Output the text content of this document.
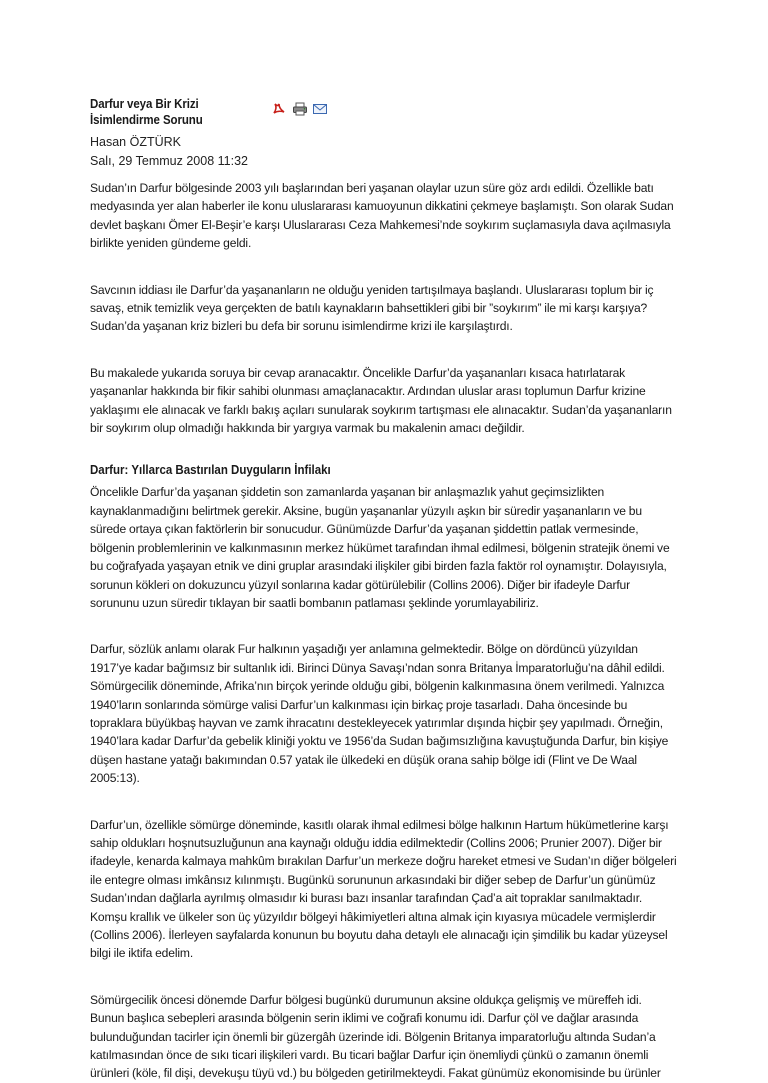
Darfur veya Bir Krizi
İsimlendirme Sorunu
Hasan ÖZTÜRK
Salı, 29 Temmuz 2008 11:32

Sudan’ın Darfur bölgesinde 2003 yılı başlarından beri yaşanan olaylar uzun süre göz ardı edildi. Özellikle batı medyasında yer alan haberler ile konu uluslararası kamuoyunun dikkatini çekmeye başlamıştı. Son olarak Sudan devlet başkanı Ömer El-Beşir’e karşı Uluslararası Ceza Mahkemesi’nde soykırım suçlamasıyla dava açılmasıyla birlikte yeniden gündeme geldi.

Savcının iddiası ile Darfur’da yaşananların ne olduğu yeniden tartışılmaya başlandı. Uluslararası toplum bir iç savaş, etnik temizlik veya gerçekten de batılı kaynakların bahsettikleri gibi bir ”soykırım” ile mi karşı karşıya? Sudan’da yaşanan kriz bizleri bu defa bir sorunu isimlendirme krizi ile karşılaştırdı.

Bu makalede yukarıda soruya bir cevap aranacaktır. Öncelikle Darfur’da yaşananları kısaca hatırlatarak yaşananlar hakkında bir fikir sahibi olunması amaçlanacaktır. Ardından uluslar arası toplumun Darfur krizine yaklaşımı ele alınacak ve farklı bakış açıları sunularak soykırım tartışması ele alınacaktır. Sudan’da yaşananların bir soykırım olup olmadığı hakkında bir yargıya varmak bu makalenin amacı değildir.

Darfur: Yıllarca Bastırılan Duyguların İnfilakı

Öncelikle Darfur’da yaşanan şiddetin son zamanlarda yaşanan bir anlaşmazlık yahut geçimsizlikten kaynaklanmadığını belirtmek gerekir. Aksine, bugün yaşananlar yüzyılı aşkın bir süredir yaşananların ve bu sürede ortaya çıkan faktörlerin bir sonucudur. Günümüzde Darfur’da yaşanan şiddettin patlak vermesinde, bölgenin problemlerinin ve kalkınmasının merkez hükümet tarafından ihmal edilmesi, bölgenin stratejik önemi ve bu coğrafyada yaşayan etnik ve dini gruplar arasındaki ilişkiler gibi birden fazla faktör rol oynamıştır. Dolayısıyla, sorunun kökleri on dokuzuncu yüzyıl sonlarına kadar götürülebilir (Collins 2006). Diğer bir ifadeyle Darfur sorununu uzun süredir tıklayan bir saatli bombanın patlaması şeklinde yorumlayabiliriz.

Darfur, sözlük anlamı olarak Fur halkının yaşadığı yer anlamına gelmektedir. Bölge on dördüncü yüzyıldan 1917’ye kadar bağımsız bir sultanlık idi. Birinci Dünya Savaşı’ndan sonra Britanya İmparatorluğu’na dâhil edildi. Sömürgecilik döneminde, Afrika’nın birçok yerinde olduğu gibi, bölgenin kalkınmasına önem verilmedi. Yalnızca 1940’ların sonlarında sömürge valisi Darfur’un kalkınması için birkaç proje tasarladı. Daha öncesinde bu topraklara büyükbaş hayvan ve zamk ihracatını destekleyecek yatırımlar dışında hiçbir şey yapılmadı. Örneğin, 1940’lara kadar Darfur’da gebelik kliniği yoktu ve 1956’da Sudan bağımsızlığına kavuştuğunda Darfur, bin kişiye düşen hastane yatağı bakımından 0.57 yatak ile ülkedeki en düşük orana sahip bölge idi (Flint ve De Waal 2005:13).

Darfur’un, özellikle sömürge döneminde, kasıtlı olarak ihmal edilmesi bölge halkının Hartum hükümetlerine karşı sahip oldukları hoşnutsuzluğunun ana kaynağı olduğu iddia edilmektedir (Collins 2006; Prunier 2007). Diğer bir ifadeyle, kenarda kalmaya mahkûm bırakılan Darfur’un merkeze doğru hareket etmesi ve Sudan’ın diğer bölgeleri ile entegre olması imkânsız kılınmıştı. Bugünkü sorununun arkasındaki bir diğer sebep de Darfur’un günümüz Sudan’ından dağlarla ayrılmış olmasıdır ki burası bazı insanlar tarafından Çad’a ait topraklar sanılmaktadır. Komşu krallık ve ülkeler son üç yüzyıldır bölgeyi hâkimiyetleri altına almak için kıyasıya mücadele vermişlerdir (Collins 2006). İlerleyen sayfalarda konunun bu boyutu daha detaylı ele alınacağı için şimdilik bu kadar yüzeysel bilgi ile iktifa edelim.

Sömürgecilik öncesi dönemde Darfur bölgesi bugünkü durumunun aksine oldukça gelişmiş ve müreffeh idi. Bunun başlıca sebepleri arasında bölgenin serin iklimi ve coğrafi konumu idi. Darfur çöl ve dağlar arasında bulunduğundan tacirler için önemli bir güzergâh üzerinde idi. Bölgenin Britanya imparatorluğu altında Sudan’a katılmasından önce de sıkı ticari ilişkileri vardı. Bu ticari bağlar Darfur için önemliydi çünkü o zamanın önemli ürünleri (köle, fil dişi, devekuşu tüyü vd.) bu bölgeden getirilmekteydi. Fakat günümüz ekonomisinde bu ürünler
